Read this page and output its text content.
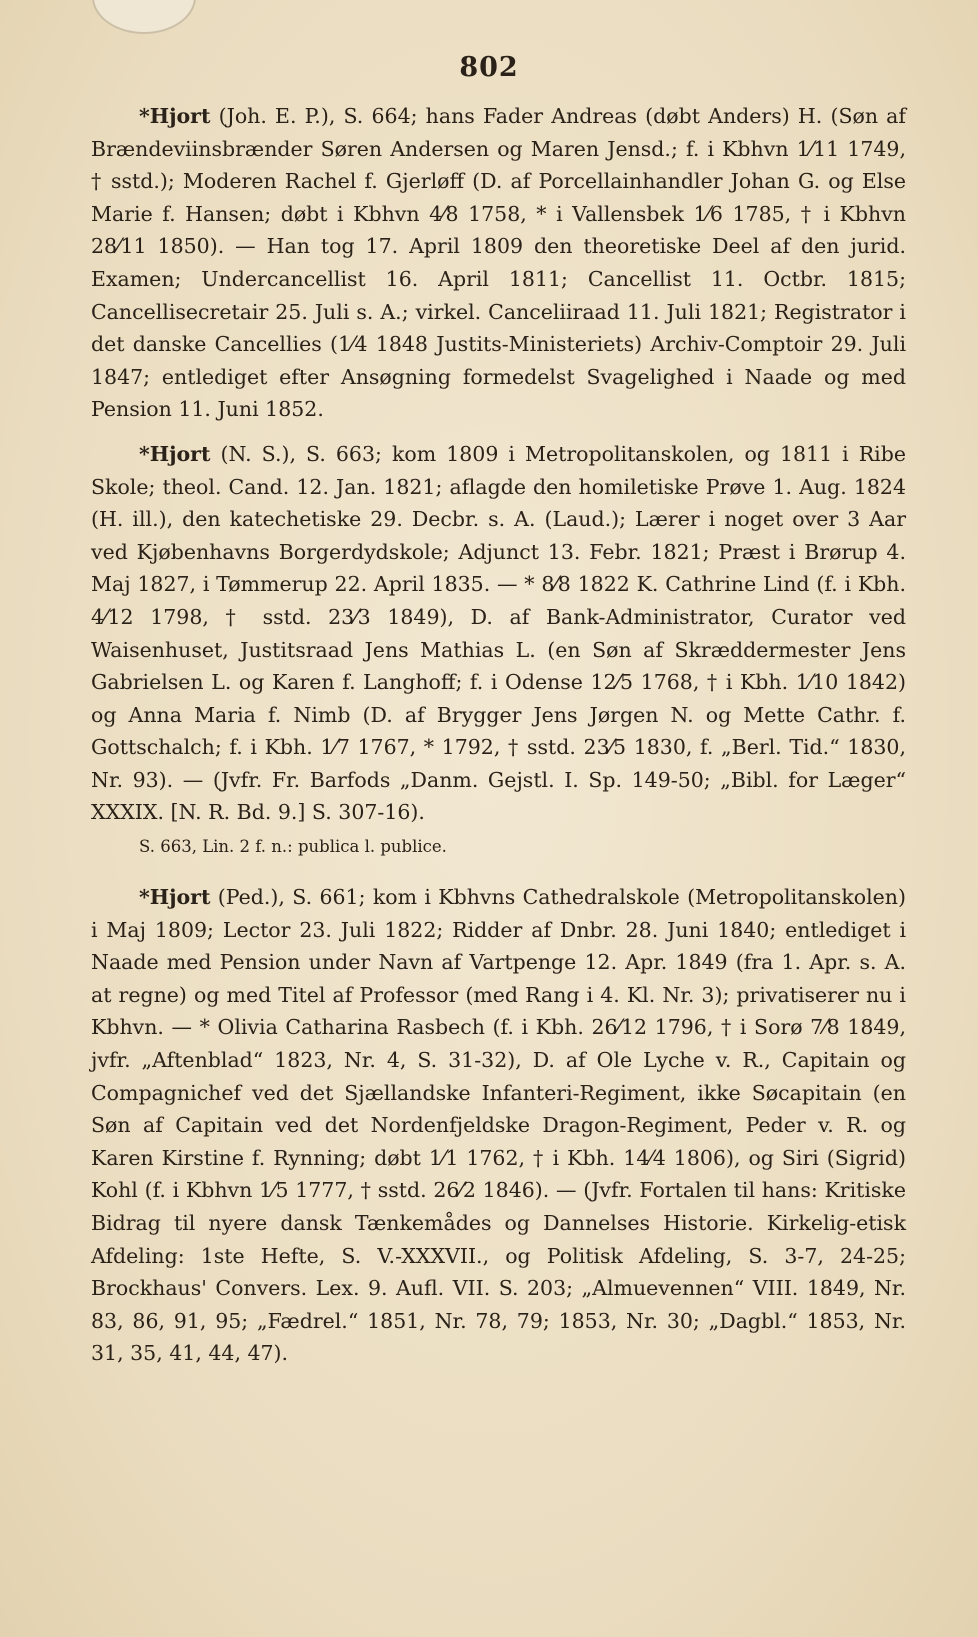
802

*Hjort (Joh. E. P.), S. 664; hans Fader Andreas (døbt Anders) H. (Søn af Brændeviinsbrænder Søren Andersen og Maren Jensd.; f. i Kbhvn 1⁄11 1749, † sstd.); Moderen Rachel f. Gjerløff (D. af Porcellainhandler Johan G. og Else Marie f. Hansen; døbt i Kbhvn 4⁄8 1758, * i Vallensbek 1⁄6 1785, † i Kbhvn 28⁄11 1850). — Han tog 17. April 1809 den theoretiske Deel af den jurid. Examen; Undercancellist 16. April 1811; Cancellist 11. Octbr. 1815; Cancellisecretair 25. Juli s. A.; virkel. Canceliiraad 11. Juli 1821; Registrator i det danske Cancellies (1⁄4 1848 Justits-Ministeriets) Archiv-Comptoir 29. Juli 1847; entlediget efter Ansøgning formedelst Svagelighed i Naade og med Pension 11. Juni 1852.

*Hjort (N. S.), S. 663; kom 1809 i Metropolitanskolen, og 1811 i Ribe Skole; theol. Cand. 12. Jan. 1821; aflagde den homiletiske Prøve 1. Aug. 1824 (H. ill.), den katechetiske 29. Decbr. s. A. (Laud.); Lærer i noget over 3 Aar ved Kjøbenhavns Borgerdydskole; Adjunct 13. Febr. 1821; Præst i Brørup 4. Maj 1827, i Tømmerup 22. April 1835. — * 8⁄8 1822 K. Cathrine Lind (f. i Kbh. 4⁄12 1798, † sstd. 23⁄3 1849), D. af Bank-Administrator, Curator ved Waisenhuset, Justitsraad Jens Mathias L. (en Søn af Skræddermester Jens Gabrielsen L. og Karen f. Langhoff; f. i Odense 12⁄5 1768, † i Kbh. 1⁄10 1842) og Anna Maria f. Nimb (D. af Brygger Jens Jørgen N. og Mette Cathr. f. Gottschalch; f. i Kbh. 1⁄7 1767, * 1792, † sstd. 23⁄5 1830, f. „Berl. Tid.“ 1830, Nr. 93). — (Jvfr. Fr. Barfods „Danm. Gejstl. I. Sp. 149-50; „Bibl. for Læger“ XXXIX. [N. R. Bd. 9.] S. 307-16).

S. 663, Lin. 2 f. n.: publica l. publice.

*Hjort (Ped.), S. 661; kom i Kbhvns Cathedralskole (Metropolitanskolen) i Maj 1809; Lector 23. Juli 1822; Ridder af Dnbr. 28. Juni 1840; entlediget i Naade med Pension under Navn af Vartpenge 12. Apr. 1849 (fra 1. Apr. s. A. at regne) og med Titel af Professor (med Rang i 4. Kl. Nr. 3); privatiserer nu i Kbhvn. — * Olivia Catharina Rasbech (f. i Kbh. 26⁄12 1796, † i Sorø 7⁄8 1849, jvfr. „Aftenblad“ 1823, Nr. 4, S. 31-32), D. af Ole Lyche v. R., Capitain og Compagnichef ved det Sjællandske Infanteri-Regiment, ikke Søcapitain (en Søn af Capitain ved det Nordenfjeldske Dragon-Regiment, Peder v. R. og Karen Kirstine f. Rynning; døbt 1⁄1 1762, † i Kbh. 14⁄4 1806), og Siri (Sigrid) Kohl (f. i Kbhvn 1⁄5 1777, † sstd. 26⁄2 1846). — (Jvfr. Fortalen til hans: Kritiske Bidrag til nyere dansk Tænkemådes og Dannelses Historie. Kirkelig-etisk Afdeling: 1ste Hefte, S. V.-XXXVII., og Politisk Afdeling, S. 3-7, 24-25; Brockhaus' Convers. Lex. 9. Aufl. VII. S. 203; „Almuevennen“ VIII. 1849, Nr. 83, 86, 91, 95; „Fædrel.“ 1851, Nr. 78, 79; 1853, Nr. 30; „Dagbl.“ 1853, Nr. 31, 35, 41, 44, 47).
